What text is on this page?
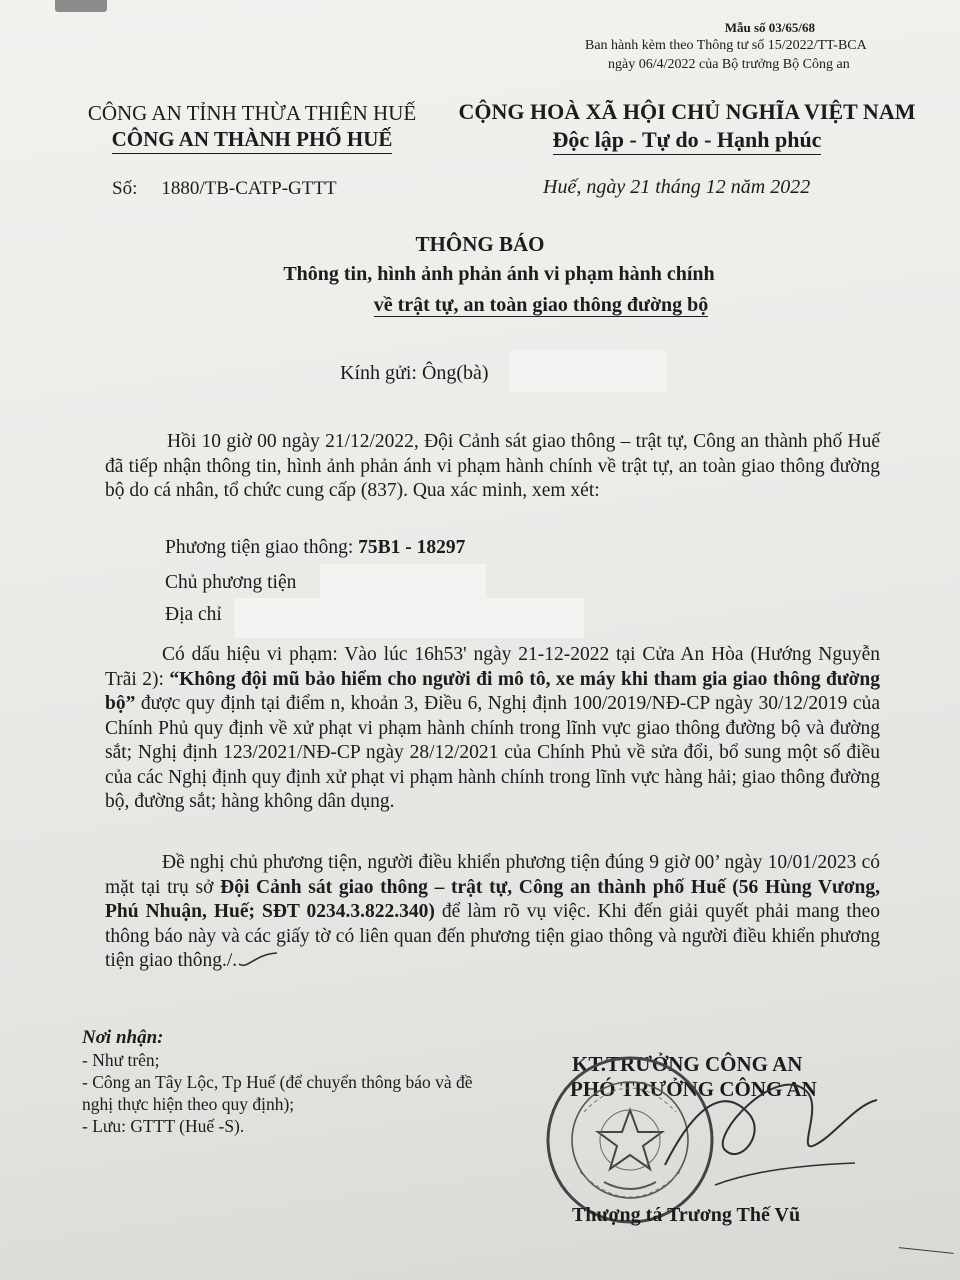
Mẫu số 03/65/68
Ban hành kèm theo Thông tư số 15/2022/TT-BCA
ngày 06/4/2022 của Bộ trưởng Bộ Công an
CÔNG AN TỈNH THỪA THIÊN HUẾ
CÔNG AN THÀNH PHỐ HUẾ
CỘNG HOÀ XÃ HỘI CHỦ NGHĨA VIỆT NAM
Độc lập - Tự do - Hạnh phúc
Số: 1880/TB-CATP-GTTT	Huế, ngày 21 tháng 12 năm 2022
THÔNG BÁO
Thông tin, hình ảnh phản ánh vi phạm hành chính
về trật tự, an toàn giao thông đường bộ
Kính gửi: Ông(bà)
Hồi 10 giờ 00 ngày 21/12/2022, Đội Cảnh sát giao thông – trật tự, Công an thành phố Huế đã tiếp nhận thông tin, hình ảnh phản ánh vi phạm hành chính về trật tự, an toàn giao thông đường bộ do cá nhân, tổ chức cung cấp (837). Qua xác minh, xem xét:
Phương tiện giao thông: 75B1 - 18297
Chủ phương tiện
Địa chỉ
Có dấu hiệu vi phạm: Vào lúc 16h53' ngày 21-12-2022 tại Cửa An Hòa (Hướng Nguyễn Trãi 2): “Không đội mũ bảo hiểm cho người đi mô tô, xe máy khi tham gia giao thông đường bộ” được quy định tại điểm n, khoản 3, Điều 6, Nghị định 100/2019/NĐ-CP ngày 30/12/2019 của Chính Phủ quy định về xử phạt vi phạm hành chính trong lĩnh vực giao thông đường bộ và đường sắt; Nghị định 123/2021/NĐ-CP ngày 28/12/2021 của Chính Phủ về sửa đổi, bổ sung một số điều của các Nghị định quy định xử phạt vi phạm hành chính trong lĩnh vực hàng hải; giao thông đường bộ, đường sắt; hàng không dân dụng.
Đề nghị chủ phương tiện, người điều khiển phương tiện đúng 9 giờ 00’ ngày 10/01/2023 có mặt tại trụ sở Đội Cảnh sát giao thông – trật tự, Công an thành phố Huế (56 Hùng Vương, Phú Nhuận, Huế; SĐT 0234.3.822.340) để làm rõ vụ việc. Khi đến giải quyết phải mang theo thông báo này và các giấy tờ có liên quan đến phương tiện giao thông và người điều khiển phương tiện giao thông./.
Nơi nhận:
- Như trên;
- Công an Tây Lộc, Tp Huế (để chuyển thông báo và đề nghị thực hiện theo quy định);
- Lưu: GTTT (Huế -S).
KT.TRƯỞNG CÔNG AN
PHÓ TRƯỞNG CÔNG AN
Thượng tá Trương Thế Vũ
